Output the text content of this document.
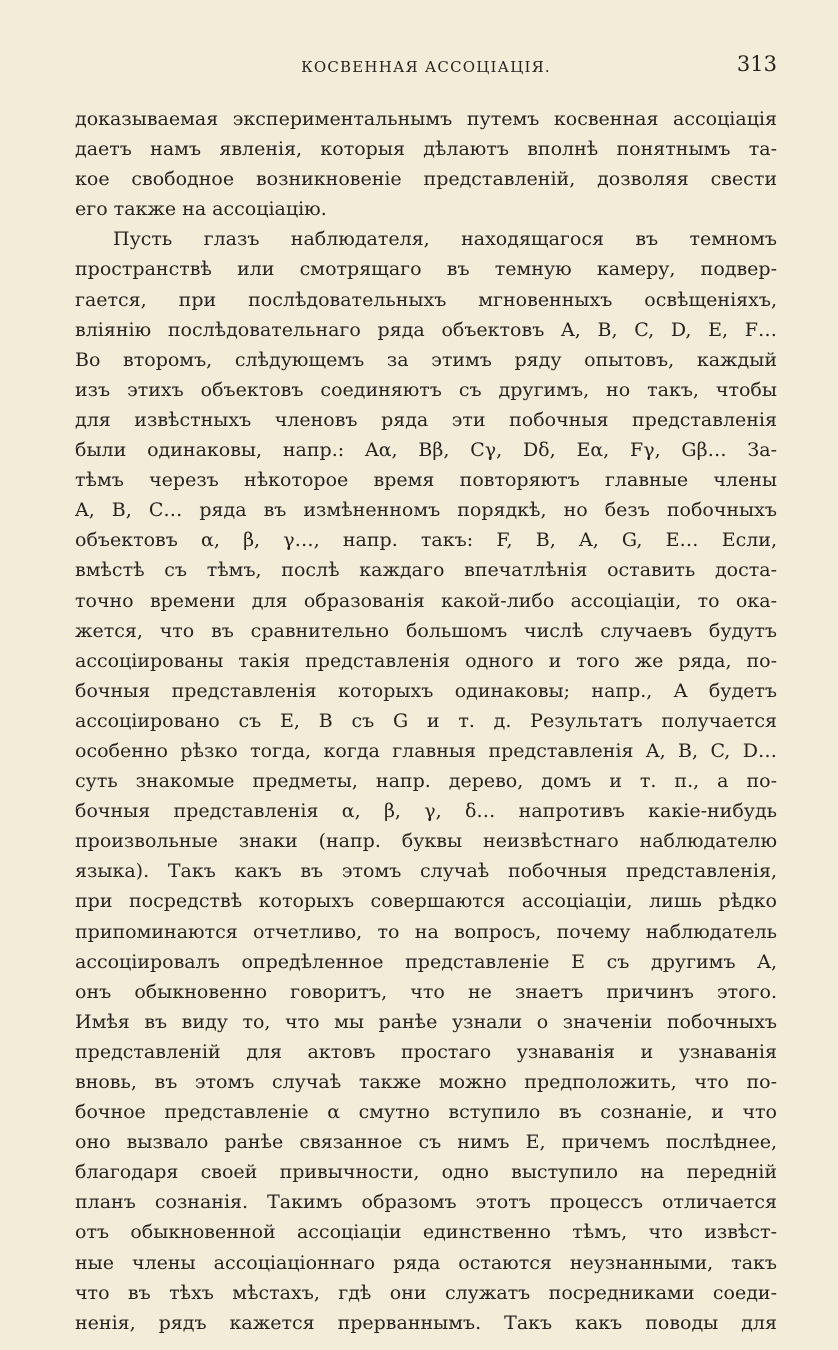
КОСВЕННАЯ АССОЦІАЦІЯ.	313
доказываемая экспериментальнымъ путемъ косвенная ассоціація
даетъ намъ явленія, которыя дѣлаютъ вполнѣ понятнымъ та-
кое свободное возникновеніе представленій, дозволяя свести
его также на ассоціацію.
Пусть глазъ наблюдателя, находящагося въ темномъ
пространствѣ или смотрящаго въ темную камеру, подвер-
гается, при послѣдовательныхъ мгновенныхъ освѣщеніяхъ,
вліянію послѣдовательнаго ряда объектовъ A, B, C, D, E, F…
Во второмъ, слѣдующемъ за этимъ ряду опытовъ, каждый
изъ этихъ объектовъ соединяютъ съ другимъ, но такъ, чтобы
для извѣстныхъ членовъ ряда эти побочныя представленія
были одинаковы, напр.: Aα, Bβ, Cγ, Dδ, Eα, Fγ, Gβ… За-
тѣмъ черезъ нѣкоторое время повторяютъ главные члены
A, B, C… ряда въ измѣненномъ порядкѣ, но безъ побочныхъ
объектовъ α, β, γ…, напр. такъ: F, B, A, G, E… Если,
вмѣстѣ съ тѣмъ, послѣ каждаго впечатлѣнія оставить доста-
точно времени для образованія какой-либо ассоціаціи, то ока-
жется, что въ сравнительно большомъ числѣ случаевъ будутъ
ассоціированы такія представленія одного и того же ряда, по-
бочныя представленія которыхъ одинаковы; напр., A будетъ
ассоціировано съ E, B съ G и т. д. Результатъ получается
особенно рѣзко тогда, когда главныя представленія A, B, C, D…
суть знакомые предметы, напр. дерево, домъ и т. п., а по-
бочныя представленія α, β, γ, δ… напротивъ какіе-нибудь
произвольные знаки (напр. буквы неизвѣстнаго наблюдателю
языка). Такъ какъ въ этомъ случаѣ побочныя представленія,
при посредствѣ которыхъ совершаются ассоціаціи, лишь рѣдко
припоминаются отчетливо, то на вопросъ, почему наблюдатель
ассоціировалъ опредѣленное представленіе E съ другимъ A,
онъ обыкновенно говоритъ, что не знаетъ причинъ этого.
Имѣя въ виду то, что мы ранѣе узнали о значеніи побочныхъ
представленій для актовъ простаго узнаванія и узнаванія
вновь, въ этомъ случаѣ также можно предположить, что по-
бочное представленіе α смутно вступило въ сознаніе, и что
оно вызвало ранѣе связанное съ нимъ E, причемъ послѣднее,
благодаря своей привычности, одно выступило на передній
планъ сознанія. Такимъ образомъ этотъ процессъ отличается
отъ обыкновенной ассоціаціи единственно тѣмъ, что извѣст-
ные члены ассоціаціоннаго ряда остаются неузнанными, такъ
что въ тѣхъ мѣстахъ, гдѣ они служатъ посредниками соеди-
ненія, рядъ кажется прерваннымъ. Такъ какъ поводы для
